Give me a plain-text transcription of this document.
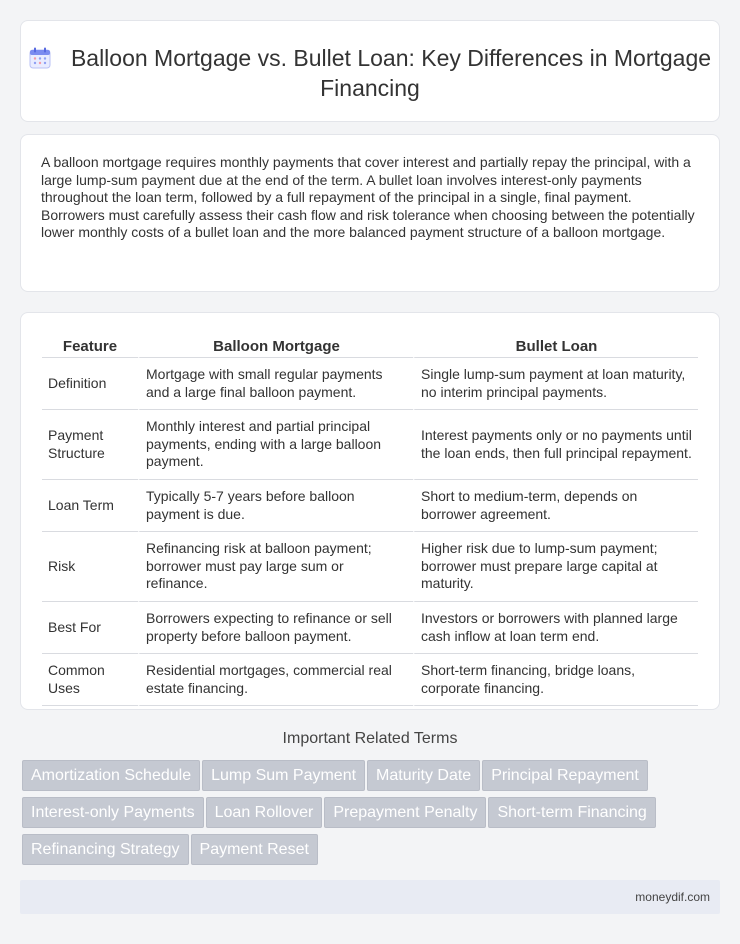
Balloon Mortgage vs. Bullet Loan: Key Differences in Mortgage Financing

A balloon mortgage requires monthly payments that cover interest and partially repay the principal, with a large lump-sum payment due at the end of the term. A bullet loan involves interest-only payments throughout the loan term, followed by a full repayment of the principal in a single, final payment. Borrowers must carefully assess their cash flow and risk tolerance when choosing between the potentially lower monthly costs of a bullet loan and the more balanced payment structure of a balloon mortgage.

Feature	Balloon Mortgage	Bullet Loan
Definition	Mortgage with small regular payments and a large final balloon payment.	Single lump-sum payment at loan maturity, no interim principal payments.
Payment Structure	Monthly interest and partial principal payments, ending with a large balloon payment.	Interest payments only or no payments until the loan ends, then full principal repayment.
Loan Term	Typically 5-7 years before balloon payment is due.	Short to medium-term, depends on borrower agreement.
Risk	Refinancing risk at balloon payment; borrower must pay large sum or refinance.	Higher risk due to lump-sum payment; borrower must prepare large capital at maturity.
Best For	Borrowers expecting to refinance or sell property before balloon payment.	Investors or borrowers with planned large cash inflow at loan term end.
Common Uses	Residential mortgages, commercial real estate financing.	Short-term financing, bridge loans, corporate financing.
Important Related Terms
Amortization Schedule Lump Sum Payment Maturity Date Principal Repayment
Interest-only Payments Loan Rollover Prepayment Penalty Short-term Financing
Refinancing Strategy Payment Reset
moneydif.com
